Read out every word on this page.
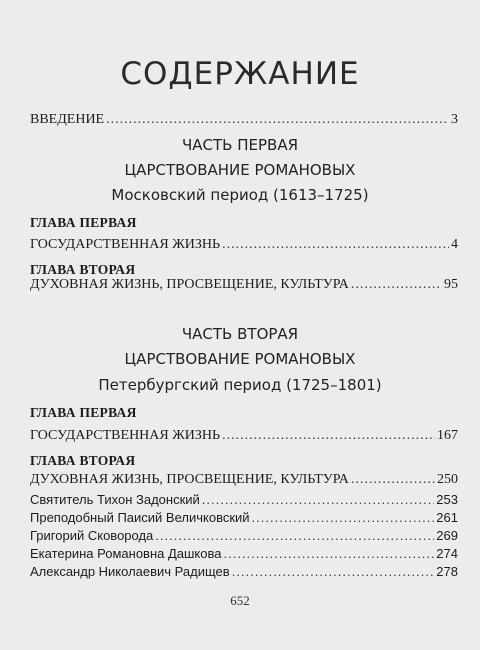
СОДЕРЖАНИЕ
ВВЕДЕНИЕ .....	3
ЧАСТЬ ПЕРВАЯ
ЦАРСТВОВАНИЕ РОМАНОВЫХ
Московский период (1613–1725)
ГЛАВА ПЕРВАЯ
ГОСУДАРСТВЕННАЯ ЖИЗНЬ .....	4
ГЛАВА ВТОРАЯ
ДУХОВНАЯ ЖИЗНЬ, ПРОСВЕЩЕНИЕ, КУЛЬТУРА .....	95
ЧАСТЬ ВТОРАЯ
ЦАРСТВОВАНИЕ РОМАНОВЫХ
Петербургский период (1725–1801)
ГЛАВА ПЕРВАЯ
ГОСУДАРСТВЕННАЯ ЖИЗНЬ .....	167
ГЛАВА ВТОРАЯ
ДУХОВНАЯ ЖИЗНЬ, ПРОСВЕЩЕНИЕ, КУЛЬТУРА .....	250
Святитель Тихон Задонский .....	253
Преподобный Паисий Величковский .....	261
Григорий Сковорода .....	269
Екатерина Романовна Дашкова .....	274
Александр Николаевич Радищев .....	278
652
